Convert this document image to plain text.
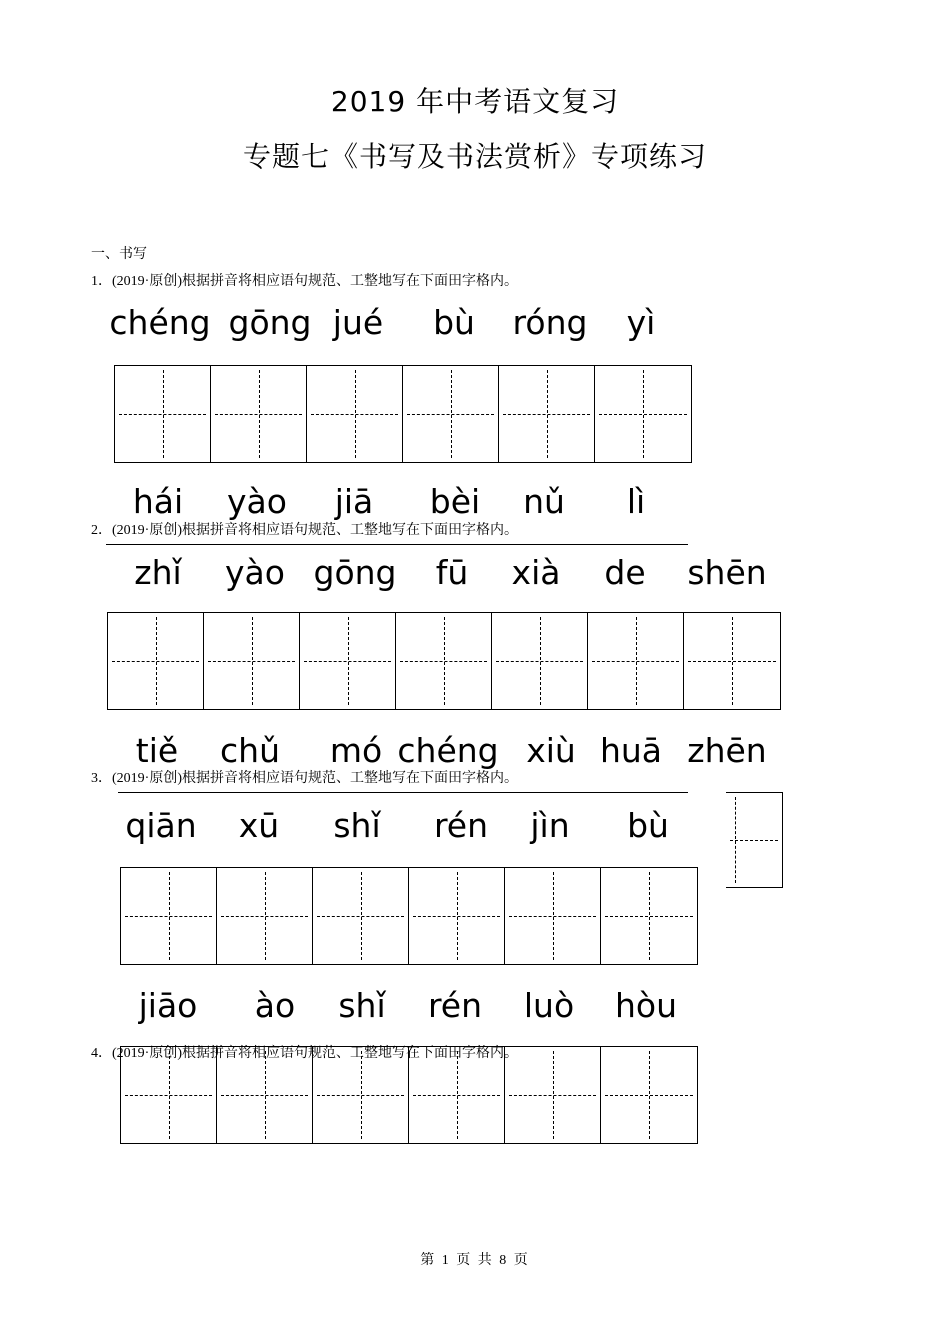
2019 年中考语文复习
专题七《书写及书法赏析》专项练习
一、书写
1．(2019·原创)根据拼音将相应语句规范、工整地写在下面田字格内。
chéng gōng jué bù róng yì
hái yào jiā bèi nǔ lì
2．(2019·原创)根据拼音将相应语句规范、工整地写在下面田字格内。
zhǐ yào gōng fū xià de shēn
tiě chǔ mó chéng xiù huā zhēn
3．(2019·原创)根据拼音将相应语句规范、工整地写在下面田字格内。
qiān xū shǐ rén jìn bù
jiāo ào shǐ rén luò hòu
4．(2019·原创)根据拼音将相应语句规范、工整地写在下面田字格内。
第 1 页 共 8 页
